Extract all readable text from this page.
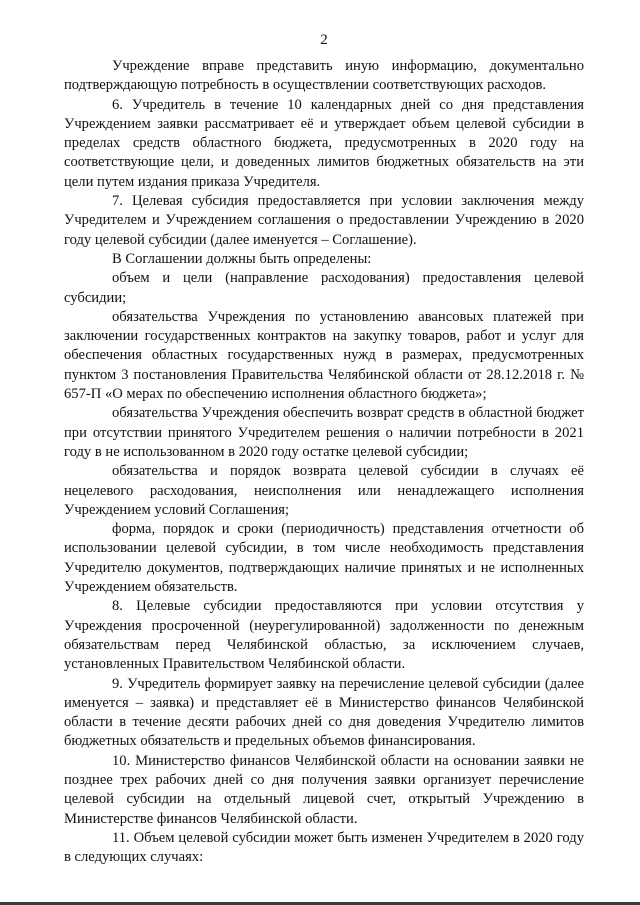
2

Учреждение вправе представить иную информацию, документально подтверждающую потребность в осуществлении соответствующих расходов.

6. Учредитель в течение 10 календарных дней со дня представления Учреждением заявки рассматривает её и утверждает объем целевой субсидии в пределах средств областного бюджета, предусмотренных в 2020 году на соответствующие цели, и доведенных лимитов бюджетных обязательств на эти цели путем издания приказа Учредителя.

7. Целевая субсидия предоставляется при условии заключения между Учредителем и Учреждением соглашения о предоставлении Учреждению в 2020 году целевой субсидии (далее именуется – Соглашение).

В Соглашении должны быть определены:

объем и цели (направление расходования) предоставления целевой субсидии;

обязательства Учреждения по установлению авансовых платежей при заключении государственных контрактов на закупку товаров, работ и услуг для обеспечения областных государственных нужд в размерах, предусмотренных пунктом 3 постановления Правительства Челябинской области от 28.12.2018 г. № 657-П «О мерах по обеспечению исполнения областного бюджета»;

обязательства Учреждения обеспечить возврат средств в областной бюджет при отсутствии принятого Учредителем решения о наличии потребности в 2021 году в не использованном в 2020 году остатке целевой субсидии;

обязательства и порядок возврата целевой субсидии в случаях её нецелевого расходования, неисполнения или ненадлежащего исполнения Учреждением условий Соглашения;

форма, порядок и сроки (периодичность) представления отчетности об использовании целевой субсидии, в том числе необходимость представления Учредителю документов, подтверждающих наличие принятых и не исполненных Учреждением обязательств.

8. Целевые субсидии предоставляются при условии отсутствия у Учреждения просроченной (неурегулированной) задолженности по денежным обязательствам перед Челябинской областью, за исключением случаев, установленных Правительством Челябинской области.

9. Учредитель формирует заявку на перечисление целевой субсидии (далее именуется – заявка) и представляет её в Министерство финансов Челябинской области в течение десяти рабочих дней со дня доведения Учредителю лимитов бюджетных обязательств и предельных объемов финансирования.

10. Министерство финансов Челябинской области на основании заявки не позднее трех рабочих дней со дня получения заявки организует перечисление целевой субсидии на отдельный лицевой счет, открытый Учреждению в Министерстве финансов Челябинской области.

11. Объем целевой субсидии может быть изменен Учредителем в 2020 году в следующих случаях:
